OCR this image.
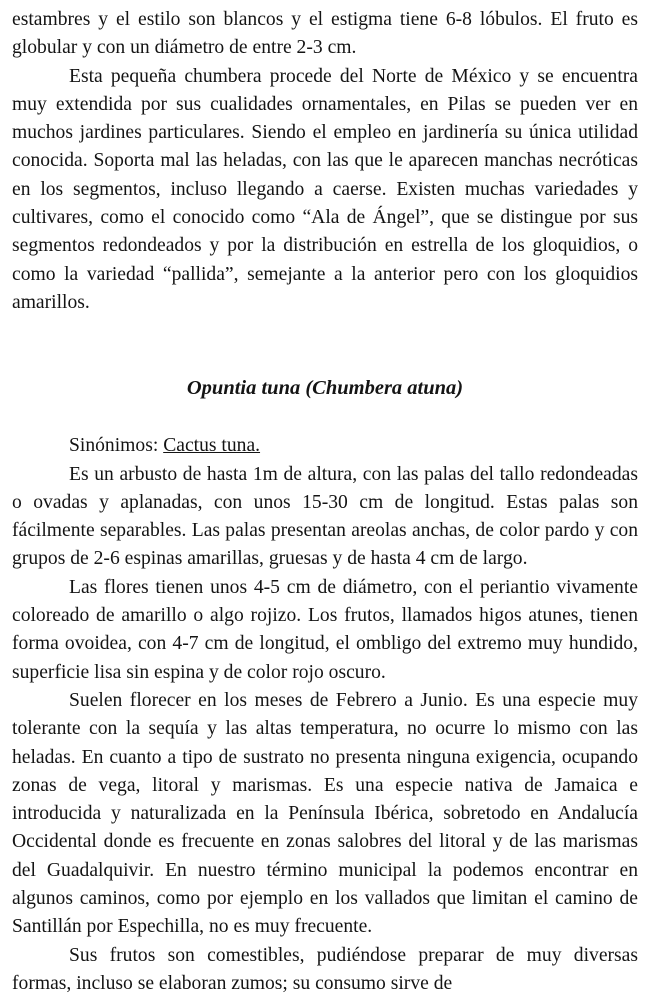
estambres y el estilo son blancos y el estigma tiene 6-8 lóbulos. El fruto es globular y con un diámetro de entre 2-3 cm.

Esta pequeña chumbera procede del Norte de México y se encuentra muy extendida por sus cualidades ornamentales, en Pilas se pueden ver en muchos jardines particulares. Siendo el empleo en jardinería su única utilidad conocida. Soporta mal las heladas, con las que le aparecen manchas necróticas en los segmentos, incluso llegando a caerse. Existen muchas variedades y cultivares, como el conocido como “Ala de Ángel”, que se distingue por sus segmentos redondeados y por la distribución en estrella de los gloquidios, o como la variedad “pallida”, semejante a la anterior pero con los gloquidios amarillos.

Opuntia tuna (Chumbera atuna)

Sinónimos: Cactus tuna.

Es un arbusto de hasta 1m de altura, con las palas del tallo redondeadas o ovadas y aplanadas, con unos 15-30 cm de longitud. Estas palas son fácilmente separables. Las palas presentan areolas anchas, de color pardo y con grupos de 2-6 espinas amarillas, gruesas y de hasta 4 cm de largo.

Las flores tienen unos 4-5 cm de diámetro, con el periantio vivamente coloreado de amarillo o algo rojizo. Los frutos, llamados higos atunes, tienen forma ovoidea, con 4-7 cm de longitud, el ombligo del extremo muy hundido, superficie lisa sin espina y de color rojo oscuro.

Suelen florecer en los meses de Febrero a Junio. Es una especie muy tolerante con la sequía y las altas temperatura, no ocurre lo mismo con las heladas. En cuanto a tipo de sustrato no presenta ninguna exigencia, ocupando zonas de vega, litoral y marismas. Es una especie nativa de Jamaica e introducida y naturalizada en la Península Ibérica, sobretodo en Andalucía Occidental donde es frecuente en zonas salobres del litoral y de las marismas del Guadalquivir. En nuestro término municipal la podemos encontrar en algunos caminos, como por ejemplo en los vallados que limitan el camino de Santillán por Espechilla, no es muy frecuente.

Sus frutos son comestibles, pudiéndose preparar de muy diversas formas, incluso se elaboran zumos; su consumo sirve de
